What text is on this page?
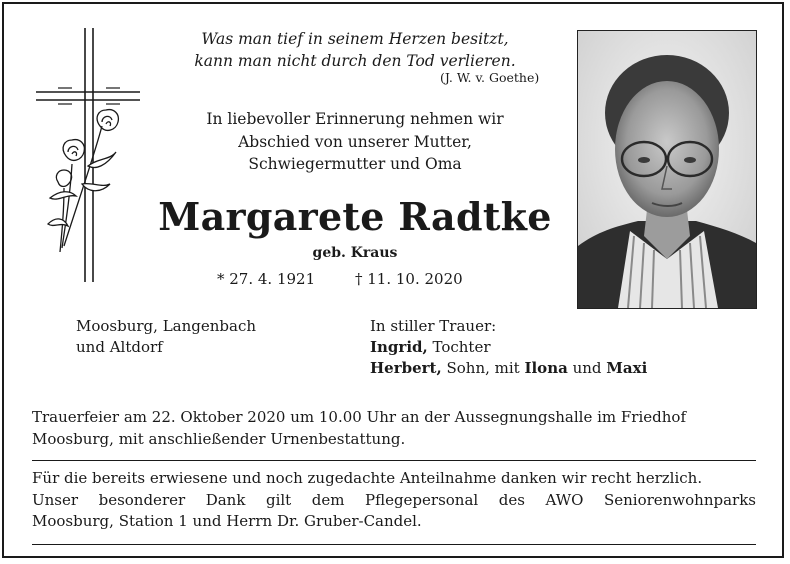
Was man tief in seinem Herzen besitzt,
kann man nicht durch den Tod verlieren.
(J. W. v. Goethe)
In liebevoller Erinnerung nehmen wir
Abschied von unserer Mutter,
Schwiegermutter und Oma
Margarete Radtke
geb. Kraus
* 27. 4. 1921	† 11. 10. 2020
Moosburg, Langenbach
und Altdorf
In stiller Trauer:
Ingrid, Tochter
Herbert, Sohn, mit Ilona und Maxi
Trauerfeier am 22. Oktober 2020 um 10.00 Uhr an der Aussegnungshalle im Friedhof
Moosburg, mit anschließender Urnenbestattung.
Für die bereits erwiesene und noch zugedachte Anteilnahme danken wir recht herzlich.
Unser besonderer Dank gilt dem Pflegepersonal des AWO Seniorenwohnparks
Moosburg, Station 1 und Herrn Dr. Gruber-Candel.
